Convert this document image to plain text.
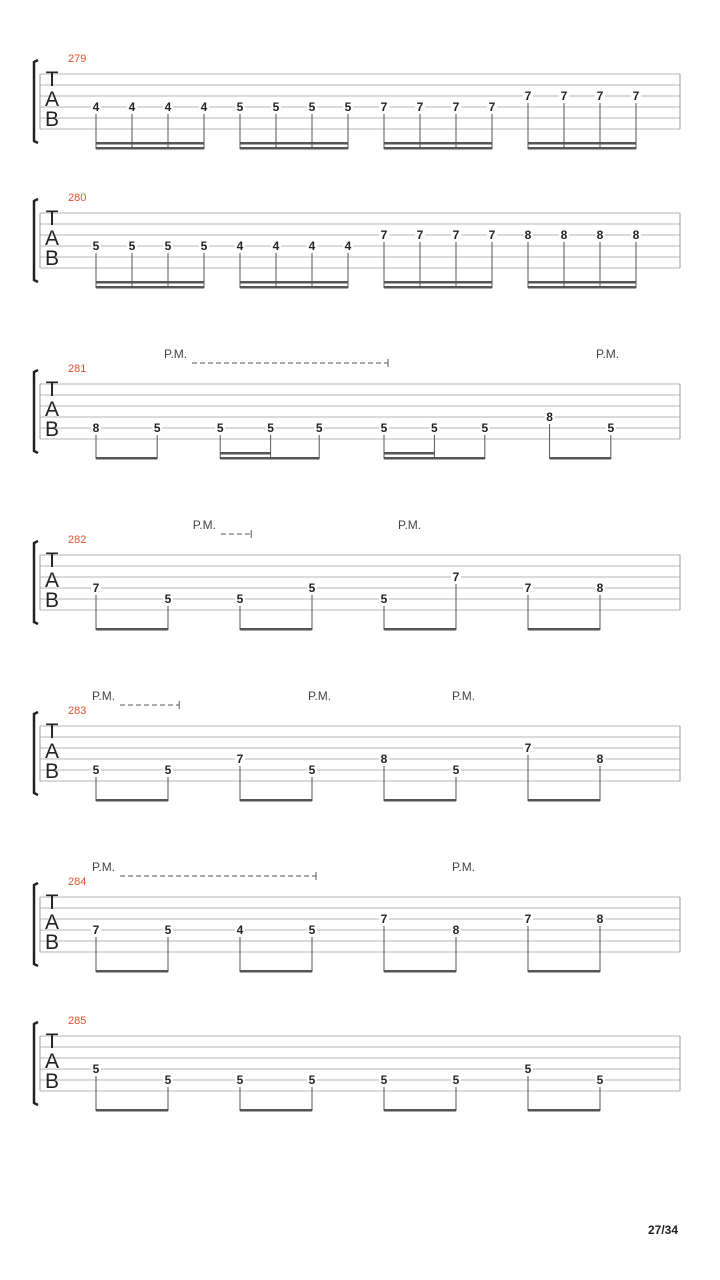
T
A
B
279
4 4 4 4 5 5 5 5 7 7 7 7
7 7 7 7
T
A
B
280
5 5 5 5 4 4 4 4
7 7 7 7 8 8 8 8
T
A
B
281
P.M.	P.M.
8	5	5	5	5	5	5	5
8
5
T
A
B
282
P.M.	P.M.
7
5	5
5
5
7
7	8
T
A
B
283
P.M.	P.M.	P.M.
5	5
7
5
8
5
7
8
T
A
B
284
P.M.	P.M.
7	5	4	5
7
8
7	8
T
A
B
285
5
5	5	5	5	5
5
5
27/34
